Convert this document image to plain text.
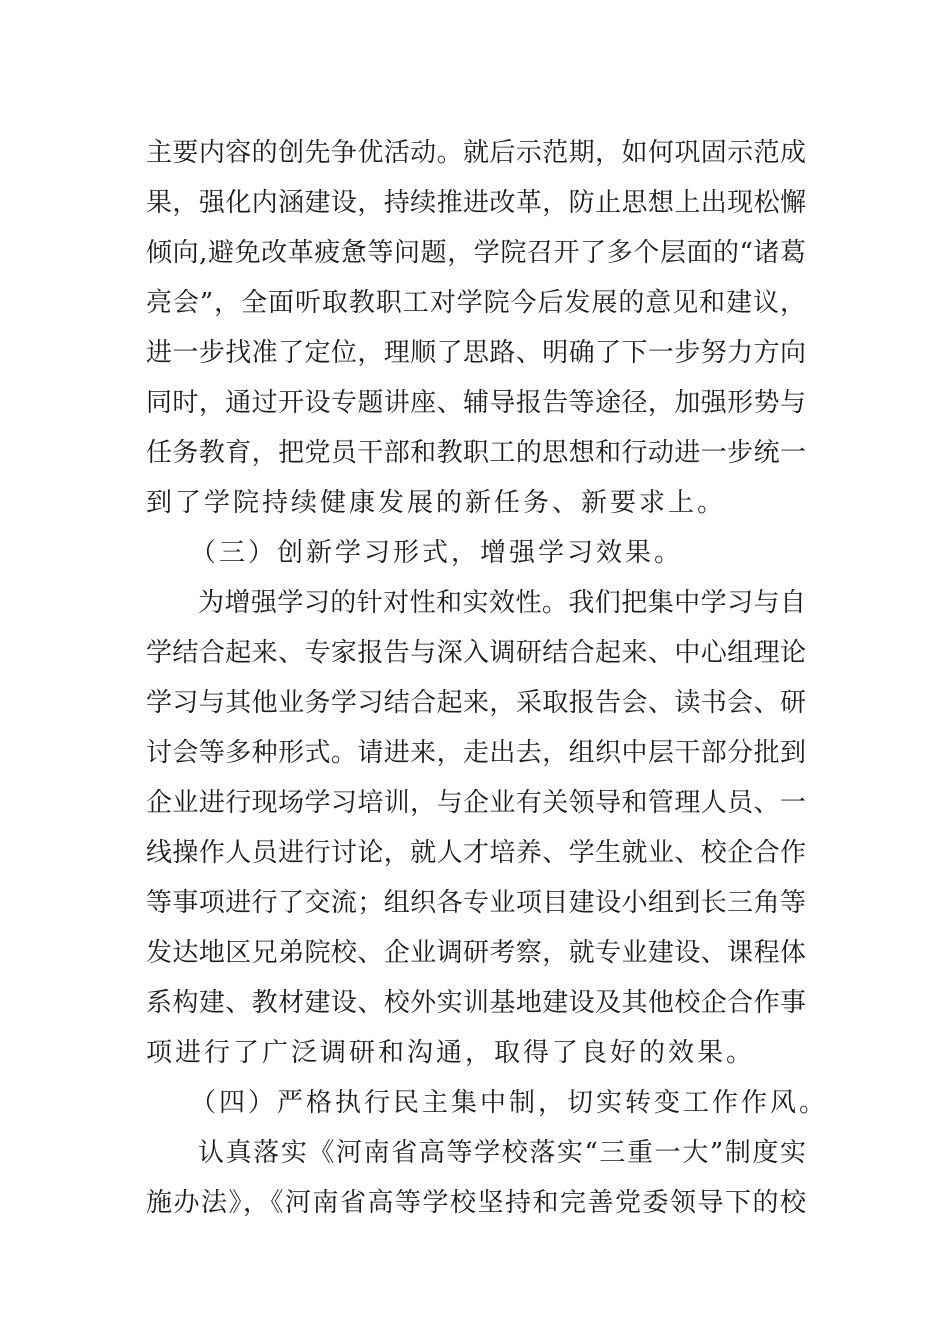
主要内容的创先争优活动。就后示范期，如何巩固示范成
果，强化内涵建设，持续推进改革，防止思想上出现松懈
倾向,避免改革疲惫等问题，学院召开了多个层面的“诸葛
亮会”，全面听取教职工对学院今后发展的意见和建议，
进一步找准了定位，理顺了思路、明确了下一步努力方向
同时，通过开设专题讲座、辅导报告等途径，加强形势与
任务教育，把党员干部和教职工的思想和行动进一步统一
到了学院持续健康发展的新任务、新要求上。
（三）创新学习形式，增强学习效果。
为增强学习的针对性和实效性。我们把集中学习与自
学结合起来、专家报告与深入调研结合起来、中心组理论
学习与其他业务学习结合起来，采取报告会、读书会、研
讨会等多种形式。请进来，走出去，组织中层干部分批到
企业进行现场学习培训，与企业有关领导和管理人员、一
线操作人员进行讨论，就人才培养、学生就业、校企合作
等事项进行了交流；组织各专业项目建设小组到长三角等
发达地区兄弟院校、企业调研考察，就专业建设、课程体
系构建、教材建设、校外实训基地建设及其他校企合作事
项进行了广泛调研和沟通，取得了良好的效果。
（四）严格执行民主集中制，切实转变工作作风。
认真落实《河南省高等学校落实“三重一大”制度实
施办法》，《河南省高等学校坚持和完善党委领导下的校
